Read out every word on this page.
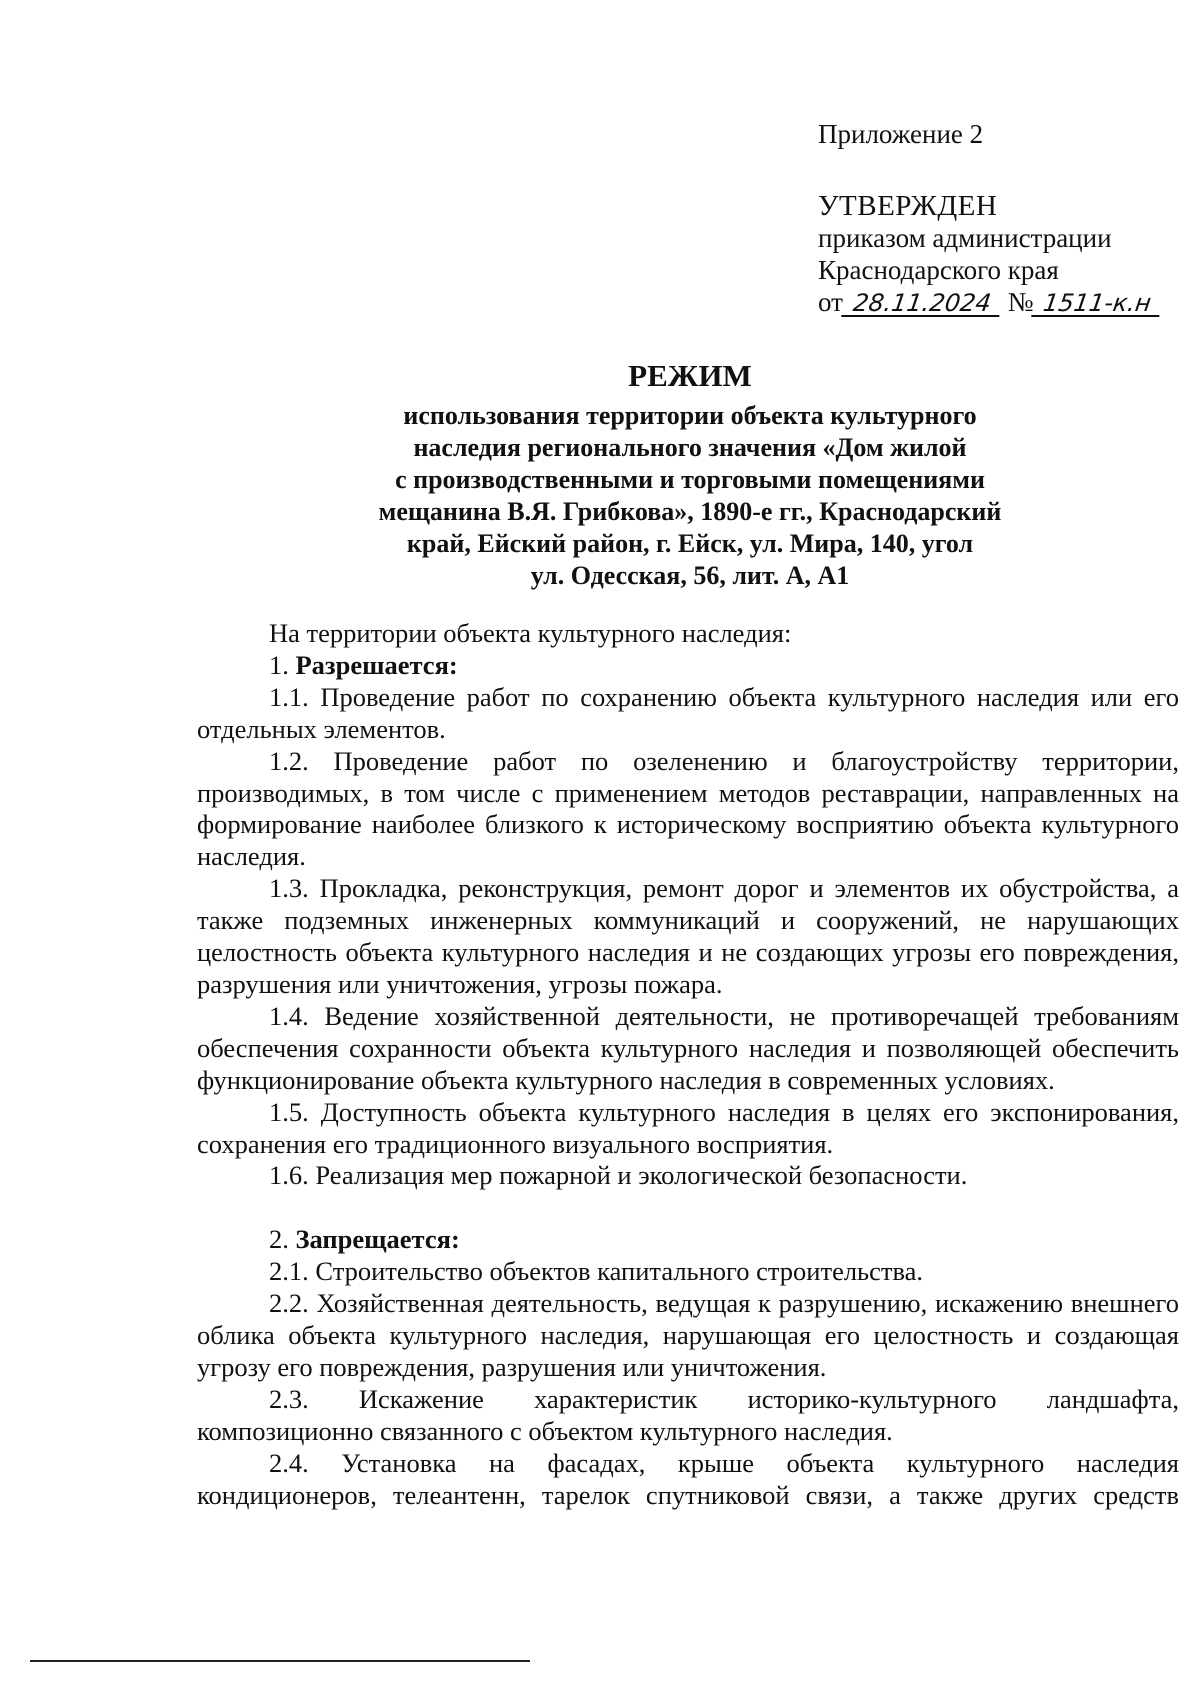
Приложение 2
УТВЕРЖДЕН
приказом администрации
Краснодарского края
от 28.11.2024 № 1511-к.н
РЕЖИМ
использования территории объекта культурного
наследия регионального значения «Дом жилой
с производственными и торговыми помещениями
мещанина В.Я. Грибкова», 1890-е гг., Краснодарский
край, Ейский район, г. Ейск, ул. Мира, 140, угол
ул. Одесская, 56, лит. А, А1

На территории объекта культурного наследия:

1. Разрешается:

1.1. Проведение работ по сохранению объекта культурного наследия или его отдельных элементов.

1.2. Проведение работ по озеленению и благоустройству территории, производимых, в том числе с применением методов реставрации, направленных на формирование наиболее близкого к историческому восприятию объекта культурного наследия.

1.3. Прокладка, реконструкция, ремонт дорог и элементов их обустройства, а также подземных инженерных коммуникаций и сооружений, не нарушающих целостность объекта культурного наследия и не создающих угрозы его повреждения, разрушения или уничтожения, угрозы пожара.

1.4. Ведение хозяйственной деятельности, не противоречащей требованиям обеспечения сохранности объекта культурного наследия и позволяющей обеспечить функционирование объекта культурного наследия в современных условиях.

1.5. Доступность объекта культурного наследия в целях его экспонирования, сохранения его традиционного визуального восприятия.

1.6. Реализация мер пожарной и экологической безопасности.

2. Запрещается:

2.1. Строительство объектов капитального строительства.

2.2. Хозяйственная деятельность, ведущая к разрушению, искажению внешнего облика объекта культурного наследия, нарушающая его целостность и создающая угрозу его повреждения, разрушения или уничтожения.

2.3. Искажение характеристик историко-культурного ландшафта, композиционно связанного с объектом культурного наследия.

2.4. Установка на фасадах, крыше объекта культурного наследия кондиционеров, телеантенн, тарелок спутниковой связи, а также других средств
